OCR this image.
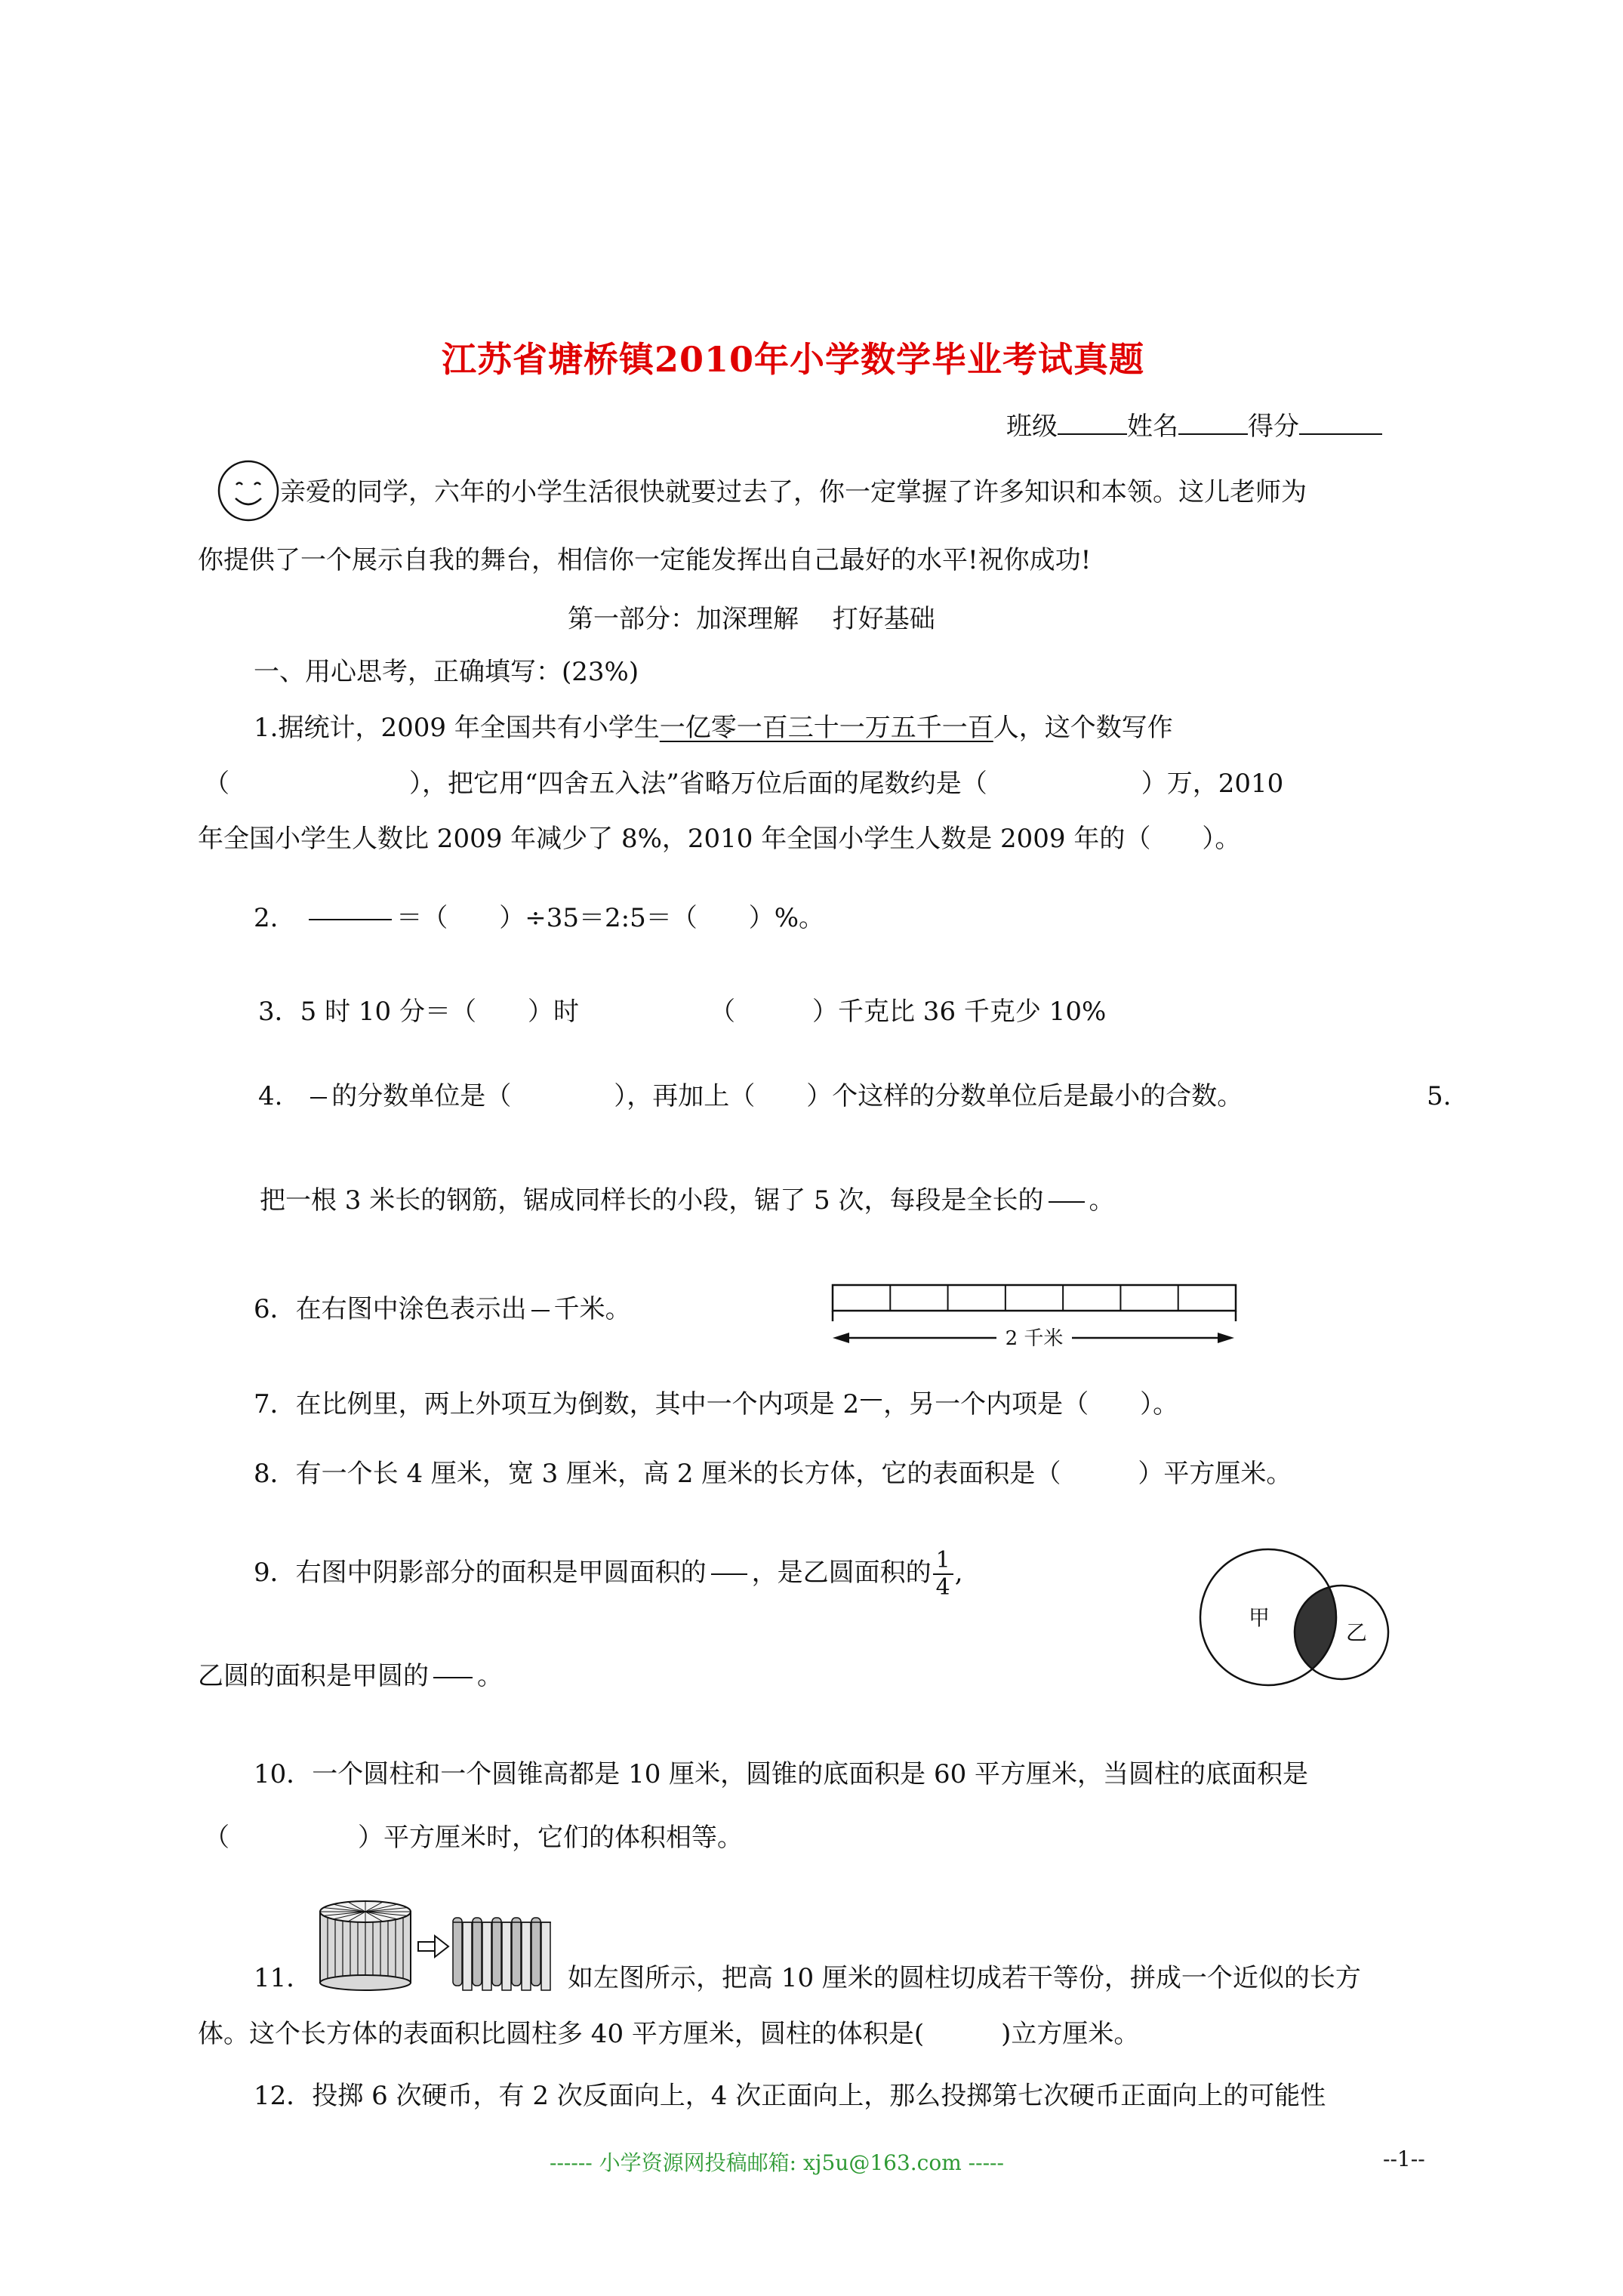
江苏省塘桥镇2010年小学数学毕业考试真题
班级	姓名	得分
亲爱的同学，六年的小学生活很快就要过去了，你一定掌握了许多知识和本领。这儿老师为
你提供了一个展示自我的舞台，相信你一定能发挥出自己最好的水平!祝你成功!
第一部分：加深理解　 打好基础
一、用心思考，正确填写：(23%)
1.据统计，2009 年全国共有小学生一亿零一百三十一万五千一百人，这个数写作
（　　　　　　　），把它用“四舍五入法”省略万位后面的尾数约是（　　　　　　）万，2010
年全国小学生人数比 2009 年减少了 8%，2010 年全国小学生人数是 2009 年的（　　）。
2.	＝（　　）÷35＝2:5＝（　　）%。
3．5 时 10 分＝（　　）时	（　　　）千克比 36 千克少 10%
4. 的分数单位是（　　　　），再加上（　　）个这样的分数单位后是最小的合数。	5.
把一根 3 米长的钢筋，锯成同样长的小段，锯了 5 次，每段是全长的 。
6．在右图中涂色表示出 千米。
2 千米
7．在比例里，两上外项互为倒数，其中一个内项是 2 ，另一个内项是（　　）。
8．有一个长 4 厘米，宽 3 厘米，高 2 厘米的长方体，它的表面积是（　　　）平方厘米。
9．右图中阴影部分的面积是甲圆面积的 ，是乙圆面积的 $\frac{1}{4}$ ,
乙圆的面积是甲圆的 。
甲
乙
10．一个圆柱和一个圆锥高都是 10 厘米，圆锥的底面积是 60 平方厘米，当圆柱的底面积是
（　　　　　）平方厘米时，它们的体积相等。
11．	如左图所示，把高 10 厘米的圆柱切成若干等份，拼成一个近似的长方
体。这个长方体的表面积比圆柱多 40 平方厘米，圆柱的体积是(　　　)立方厘米。
12．投掷 6 次硬币，有 2 次反面向上，4 次正面向上，那么投掷第七次硬币正面向上的可能性
------ 小学资源网投稿邮箱: xj5u@163.com -----	--1--
